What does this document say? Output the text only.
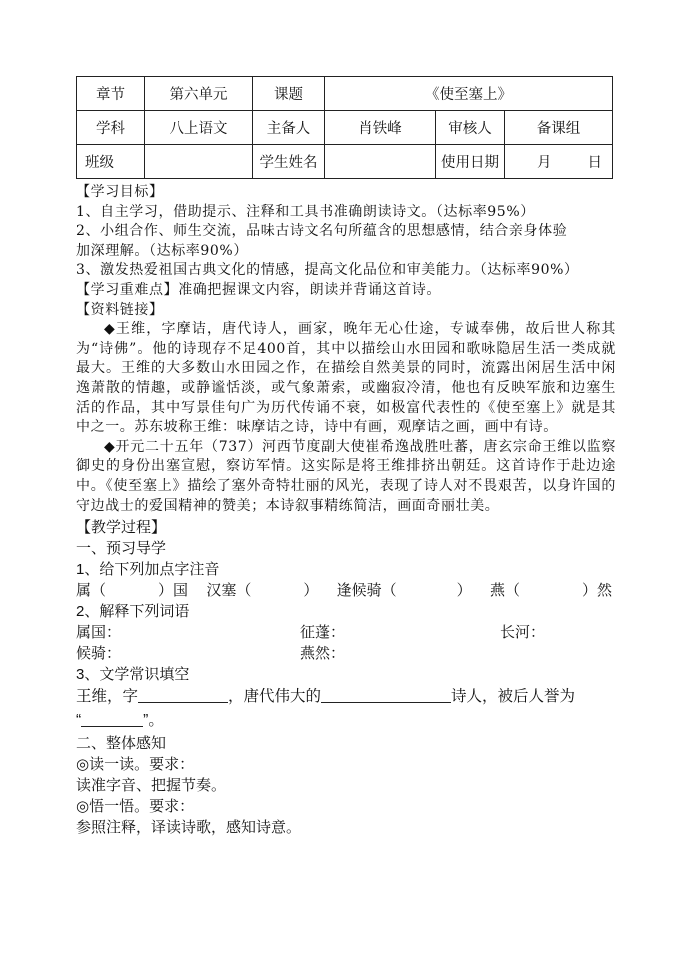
章节	第六单元	课题	《使至塞上》		
学科	八上语文	主备人	肖铁峰	审核人	备课组
班级		学生姓名		使用日期	月 日
【学习目标】
1、自主学习，借助提示、注释和工具书准确朗读诗文。（达标率95%）
2、小组合作、师生交流，品味古诗文名句所蕴含的思想感情，结合亲身体验
加深理解。（达标率90%）
3、激发热爱祖国古典文化的情感，提高文化品位和审美能力。（达标率90%）
【学习重难点】准确把握课文内容，朗读并背诵这首诗。
【资料链接】
◆王维，字摩诘，唐代诗人，画家，晚年无心仕途，专诚奉佛，故后世人称其为“诗佛”。他的诗现存不足400首，其中以描绘山水田园和歌咏隐居生活一类成就最大。王维的大多数山水田园之作，在描绘自然美景的同时，流露出闲居生活中闲逸萧散的情趣，或静谧恬淡，或气象萧索，或幽寂冷清，他也有反映军旅和边塞生活的作品，其中写景佳句广为历代传诵不衰，如极富代表性的《使至塞上》就是其中之一。苏东坡称王维：味摩诘之诗，诗中有画，观摩诘之画，画中有诗。
◆开元二十五年（737）河西节度副大使崔希逸战胜吐蕃，唐玄宗命王维以监察御史的身份出塞宣慰，察访军情。这实际是将王维排挤出朝廷。这首诗作于赴边途中。《使至塞上》描绘了塞外奇特壮丽的风光，表现了诗人对不畏艰苦，以身许国的守边战士的爱国精神的赞美；本诗叙事精练简洁，画面奇丽壮美。
【教学过程】
一、预习导学
1、给下列加点字注音
属（	）国 汉塞（	） 逢候骑（	） 燕（	）然
2、解释下列词语
属国：	征蓬：	长河：
候骑：	燕然：
3、文学常识填空
王维，字	，唐代伟大的	诗人，被后人誉为
“	”。
二、整体感知
◎读一读。要求：
读准字音、把握节奏。
◎悟一悟。要求：
参照注释，译读诗歌，感知诗意。
